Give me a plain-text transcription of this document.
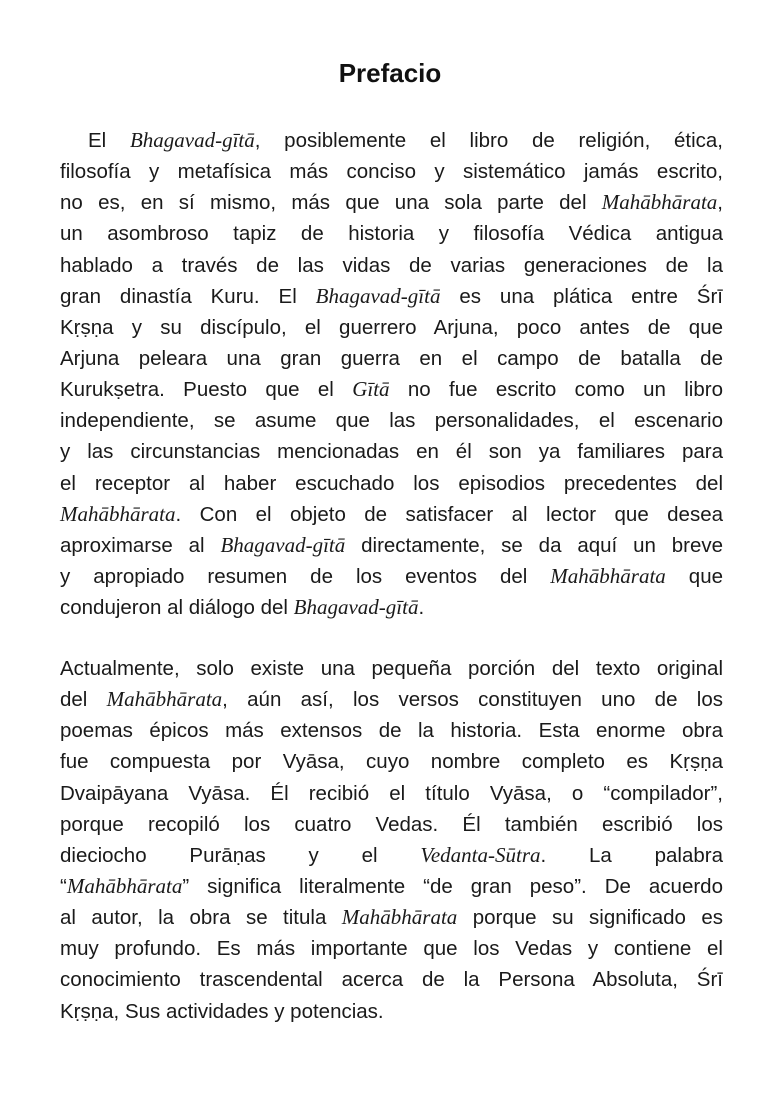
Prefacio
El Bhagavad-gītā, posiblemente el libro de religión, ética,
filosofía y metafísica más conciso y sistemático jamás escrito,
no es, en sí mismo, más que una sola parte del Mahābhārata,
un asombroso tapiz de historia y filosofía Védica antigua
hablado a través de las vidas de varias generaciones de la
gran dinastía Kuru. El Bhagavad-gītā es una plática entre Śrī
Kṛṣṇa y su discípulo, el guerrero Arjuna, poco antes de que
Arjuna peleara una gran guerra en el campo de batalla de
Kurukṣetra. Puesto que el Gītā no fue escrito como un libro
independiente, se asume que las personalidades, el escenario
y las circunstancias mencionadas en él son ya familiares para
el receptor al haber escuchado los episodios precedentes del
Mahābhārata. Con el objeto de satisfacer al lector que desea
aproximarse al Bhagavad-gītā directamente, se da aquí un breve
y apropiado resumen de los eventos del Mahābhārata que
condujeron al diálogo del Bhagavad-gītā.
Actualmente, solo existe una pequeña porción del texto original
del Mahābhārata, aún así, los versos constituyen uno de los
poemas épicos más extensos de la historia. Esta enorme obra
fue compuesta por Vyāsa, cuyo nombre completo es Kṛṣṇa
Dvaipāyana Vyāsa. Él recibió el título Vyāsa, o “compilador”,
porque recopiló los cuatro Vedas. Él también escribió los
dieciocho Purāṇas y el Vedanta-Sūtra. La palabra
“Mahābhārata” significa literalmente “de gran peso”. De acuerdo
al autor, la obra se titula Mahābhārata porque su significado es
muy profundo. Es más importante que los Vedas y contiene el
conocimiento trascendental acerca de la Persona Absoluta, Śrī
Kṛṣṇa, Sus actividades y potencias.
